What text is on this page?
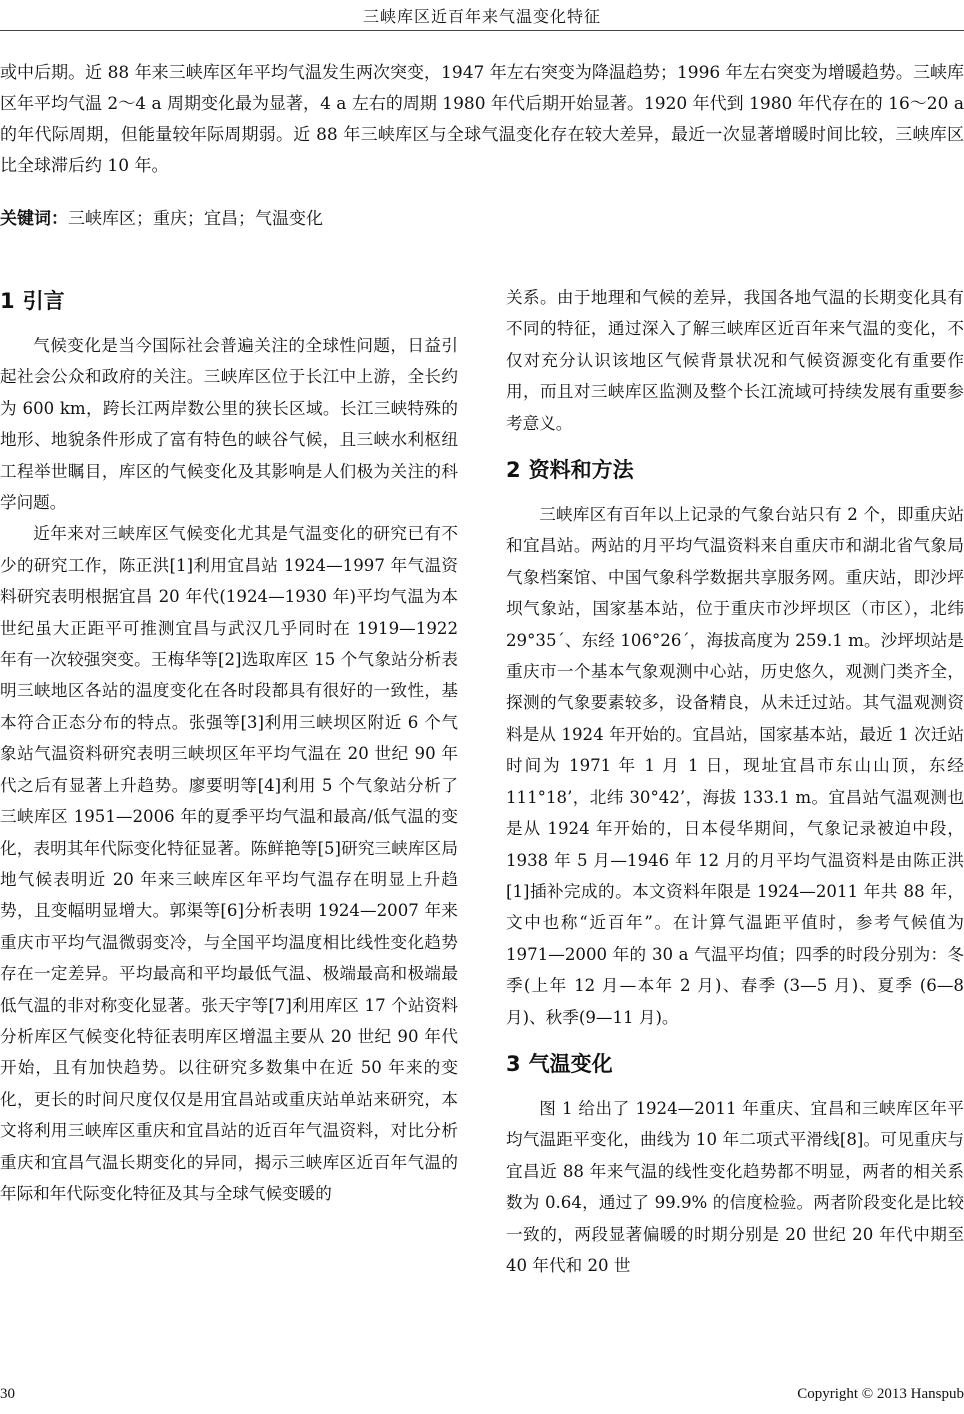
三峡库区近百年来气温变化特征

或中后期。近 88 年来三峡库区年平均气温发生两次突变，1947 年左右突变为降温趋势；1996 年左右突变为增暖趋势。三峡库区年平均气温 2～4 a 周期变化最为显著，4 a 左右的周期 1980 年代后期开始显著。1920 年代到 1980 年代存在的 16～20 a 的年代际周期，但能量较年际周期弱。近 88 年三峡库区与全球气温变化存在较大差异，最近一次显著增暖时间比较，三峡库区比全球滞后约 10 年。

关键词：三峡库区；重庆；宜昌；气温变化

1 引言

气候变化是当今国际社会普遍关注的全球性问题，日益引起社会公众和政府的关注。三峡库区位于长江中上游，全长约为 600 km，跨长江两岸数公里的狭长区域。长江三峡特殊的地形、地貌条件形成了富有特色的峡谷气候，且三峡水利枢纽工程举世瞩目，库区的气候变化及其影响是人们极为关注的科学问题。

近年来对三峡库区气候变化尤其是气温变化的研究已有不少的研究工作，陈正洪[1]利用宜昌站 1924—1997 年气温资料研究表明根据宜昌 20 年代(1924—1930 年)平均气温为本世纪虽大正距平可推测宜昌与武汉几乎同时在 1919—1922 年有一次较强突变。王梅华等[2]选取库区 15 个气象站分析表明三峡地区各站的温度变化在各时段都具有很好的一致性，基本符合正态分布的特点。张强等[3]利用三峡坝区附近 6 个气象站气温资料研究表明三峡坝区年平均气温在 20 世纪 90 年代之后有显著上升趋势。廖要明等[4]利用 5 个气象站分析了三峡库区 1951—2006 年的夏季平均气温和最高/低气温的变化，表明其年代际变化特征显著。陈鲜艳等[5]研究三峡库区局地气候表明近 20 年来三峡库区年平均气温存在明显上升趋势，且变幅明显增大。郭渠等[6]分析表明 1924—2007 年来重庆市平均气温微弱变冷，与全国平均温度相比线性变化趋势存在一定差异。平均最高和平均最低气温、极端最高和极端最低气温的非对称变化显著。张天宇等[7]利用库区 17 个站资料分析库区气候变化特征表明库区增温主要从 20 世纪 90 年代开始，且有加快趋势。以往研究多数集中在近 50 年来的变化，更长的时间尺度仅仅是用宜昌站或重庆站单站来研究，本文将利用三峡库区重庆和宜昌站的近百年气温资料，对比分析重庆和宜昌气温长期变化的异同，揭示三峡库区近百年气温的年际和年代际变化特征及其与全球气候变暖的

关系。由于地理和气候的差异，我国各地气温的长期变化具有不同的特征，通过深入了解三峡库区近百年来气温的变化，不仅对充分认识该地区气候背景状况和气候资源变化有重要作用，而且对三峡库区监测及整个长江流域可持续发展有重要参考意义。

2 资料和方法

三峡库区有百年以上记录的气象台站只有 2 个，即重庆站和宜昌站。两站的月平均气温资料来自重庆市和湖北省气象局气象档案馆、中国气象科学数据共享服务网。重庆站，即沙坪坝气象站，国家基本站，位于重庆市沙坪坝区（市区），北纬 29°35´、东经 106°26´，海拔高度为 259.1 m。沙坪坝站是重庆市一个基本气象观测中心站，历史悠久，观测门类齐全，探测的气象要素较多，设备精良，从未迁过站。其气温观测资料是从 1924 年开始的。宜昌站，国家基本站，最近 1 次迁站时间为 1971 年 1 月 1 日，现址宜昌市东山山顶，东经 111°18’，北纬 30°42’，海拔 133.1 m。宜昌站气温观测也是从 1924 年开始的，日本侵华期间，气象记录被迫中段，1938 年 5 月—1946 年 12 月的月平均气温资料是由陈正洪[1]插补完成的。本文资料年限是 1924—2011 年共 88 年，文中也称“近百年”。在计算气温距平值时，参考气候值为 1971—2000 年的 30 a 气温平均值；四季的时段分别为：冬季(上年 12 月—本年 2 月)、春季 (3—5 月)、夏季 (6—8 月)、秋季(9—11 月)。

3 气温变化

图 1 给出了 1924—2011 年重庆、宜昌和三峡库区年平均气温距平变化，曲线为 10 年二项式平滑线[8]。可见重庆与宜昌近 88 年来气温的线性变化趋势都不明显，两者的相关系数为 0.64，通过了 99.9% 的信度检验。两者阶段变化是比较一致的，两段显著偏暖的时期分别是 20 世纪 20 年代中期至 40 年代和 20 世

30	Copyright © 2013 Hanspub
